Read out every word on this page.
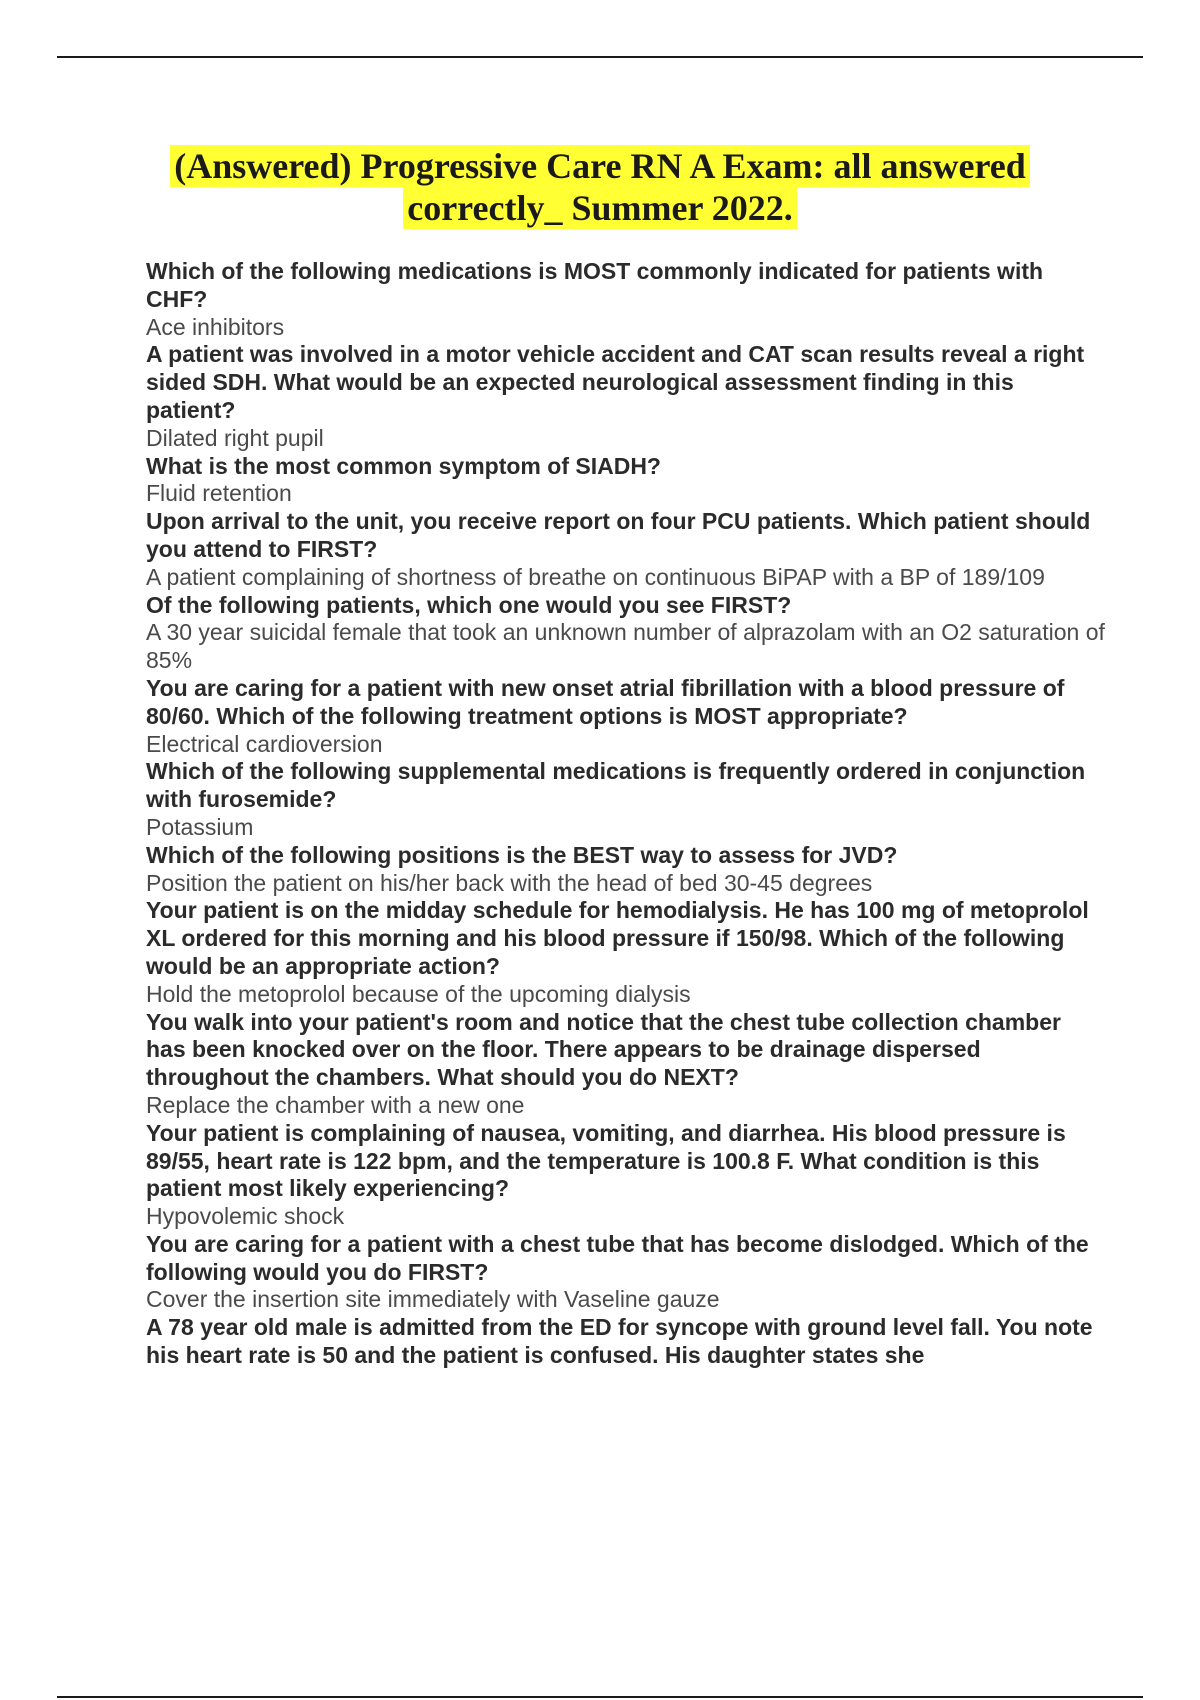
(Answered) Progressive Care RN A Exam: all answered
correctly_ Summer 2022.

Which of the following medications is MOST commonly indicated for patients with CHF?

Ace inhibitors

A patient was involved in a motor vehicle accident and CAT scan results reveal a right sided SDH. What would be an expected neurological assessment finding in this patient?

Dilated right pupil

What is the most common symptom of SIADH?

Fluid retention

Upon arrival to the unit, you receive report on four PCU patients. Which patient should you attend to FIRST?

A patient complaining of shortness of breathe on continuous BiPAP with a BP of 189/109

Of the following patients, which one would you see FIRST?

A 30 year suicidal female that took an unknown number of alprazolam with an O2 saturation of 85%

You are caring for a patient with new onset atrial fibrillation with a blood pressure of 80/60. Which of the following treatment options is MOST appropriate?

Electrical cardioversion

Which of the following supplemental medications is frequently ordered in conjunction with furosemide?

Potassium

Which of the following positions is the BEST way to assess for JVD?

Position the patient on his/her back with the head of bed 30-45 degrees

Your patient is on the midday schedule for hemodialysis. He has 100 mg of metoprolol XL ordered for this morning and his blood pressure if 150/98. Which of the following would be an appropriate action?

Hold the metoprolol because of the upcoming dialysis

You walk into your patient's room and notice that the chest tube collection chamber has been knocked over on the floor. There appears to be drainage dispersed throughout the chambers. What should you do NEXT?

Replace the chamber with a new one

Your patient is complaining of nausea, vomiting, and diarrhea. His blood pressure is 89/55, heart rate is 122 bpm, and the temperature is 100.8 F. What condition is this patient most likely experiencing?

Hypovolemic shock

You are caring for a patient with a chest tube that has become dislodged. Which of the following would you do FIRST?

Cover the insertion site immediately with Vaseline gauze

A 78 year old male is admitted from the ED for syncope with ground level fall. You note his heart rate is 50 and the patient is confused. His daughter states she
